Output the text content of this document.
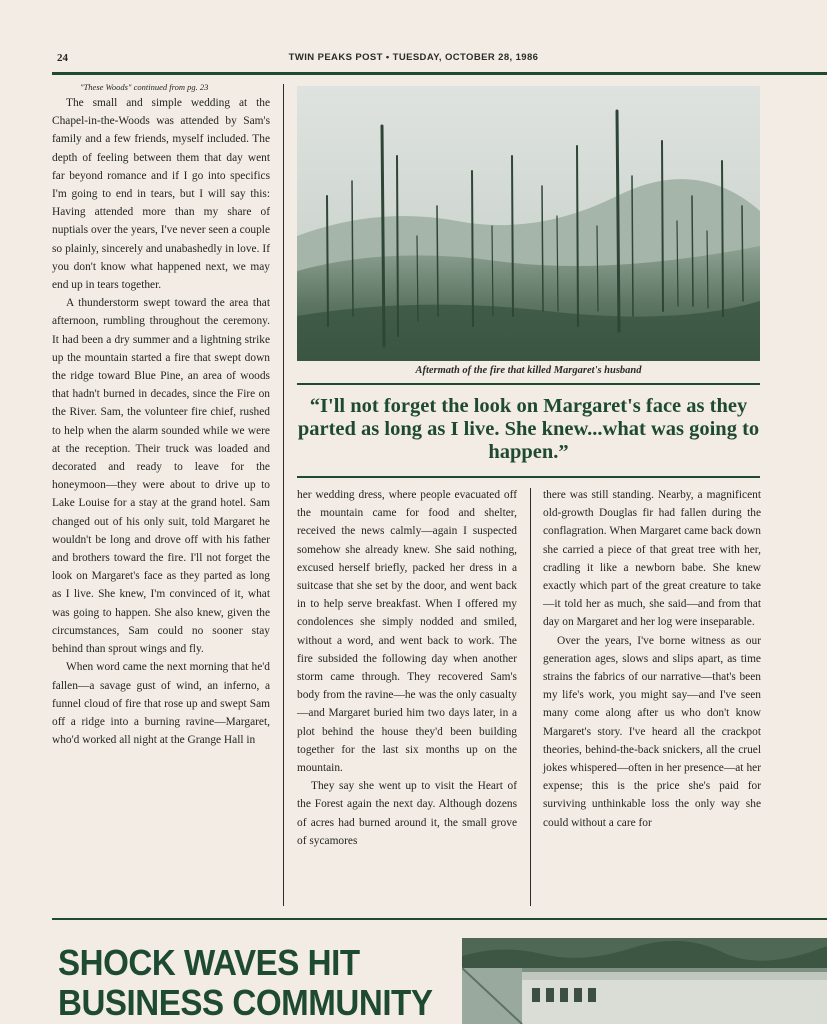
24	TWIN PEAKS POST • TUESDAY, OCTOBER 28, 1986
"These Woods" continued from pg. 23

The small and simple wedding at the Chapel-in-the-Woods was attended by Sam's family and a few friends, myself included. The depth of feeling between them that day went far beyond romance and if I go into specifics I'm going to end in tears, but I will say this: Having attended more than my share of nuptials over the years, I've never seen a couple so plainly, sincerely and unabashedly in love. If you don't know what happened next, we may end up in tears together.

A thunderstorm swept toward the area that afternoon, rumbling throughout the ceremony. It had been a dry summer and a lightning strike up the mountain started a fire that swept down the ridge toward Blue Pine, an area of woods that hadn't burned in decades, since the Fire on the River. Sam, the volunteer fire chief, rushed to help when the alarm sounded while we were at the reception. Their truck was loaded and decorated and ready to leave for the honeymoon—they were about to drive up to Lake Louise for a stay at the grand hotel. Sam changed out of his only suit, told Margaret he wouldn't be long and drove off with his father and brothers toward the fire. I'll not forget the look on Margaret's face as they parted as long as I live. She knew, I'm convinced of it, what was going to happen. She also knew, given the circumstances, Sam could no sooner stay behind than sprout wings and fly.

When word came the next morning that he'd fallen—a savage gust of wind, an inferno, a funnel cloud of fire that rose up and swept Sam off a ridge into a burning ravine—Margaret, who'd worked all night at the Grange Hall in

Aftermath of the fire that killed Margaret's husband
“I'll not forget the look on Margaret's face as they parted as long as I live. She knew...what was going to happen.”

her wedding dress, where people evacuated off the mountain came for food and shelter, received the news calmly—again I suspected somehow she already knew. She said nothing, excused herself briefly, packed her dress in a suitcase that she set by the door, and went back in to help serve breakfast. When I offered my condolences she simply nodded and smiled, without a word, and went back to work. The fire subsided the following day when another storm came through. They recovered Sam's body from the ravine—he was the only casualty—and Margaret buried him two days later, in a plot behind the house they'd been building together for the last six months up on the mountain.

They say she went up to visit the Heart of the Forest again the next day. Although dozens of acres had burned around it, the small grove of sycamores

there was still standing. Nearby, a magnificent old-growth Douglas fir had fallen during the conflagration. When Margaret came back down she carried a piece of that great tree with her, cradling it like a newborn babe. She knew exactly which part of the great creature to take—it told her as much, she said—and from that day on Margaret and her log were inseparable.

Over the years, I've borne witness as our generation ages, slows and slips apart, as time strains the fabrics of our narrative—that's been my life's work, you might say—and I've seen many come along after us who don't know Margaret's story. I've heard all the crackpot theories, behind-the-back snickers, all the cruel jokes whispered—often in her presence—at her expense; this is the price she's paid for surviving unthinkable loss the only way she could without a care for

SHOCK WAVES HIT
BUSINESS COMMUNITY
